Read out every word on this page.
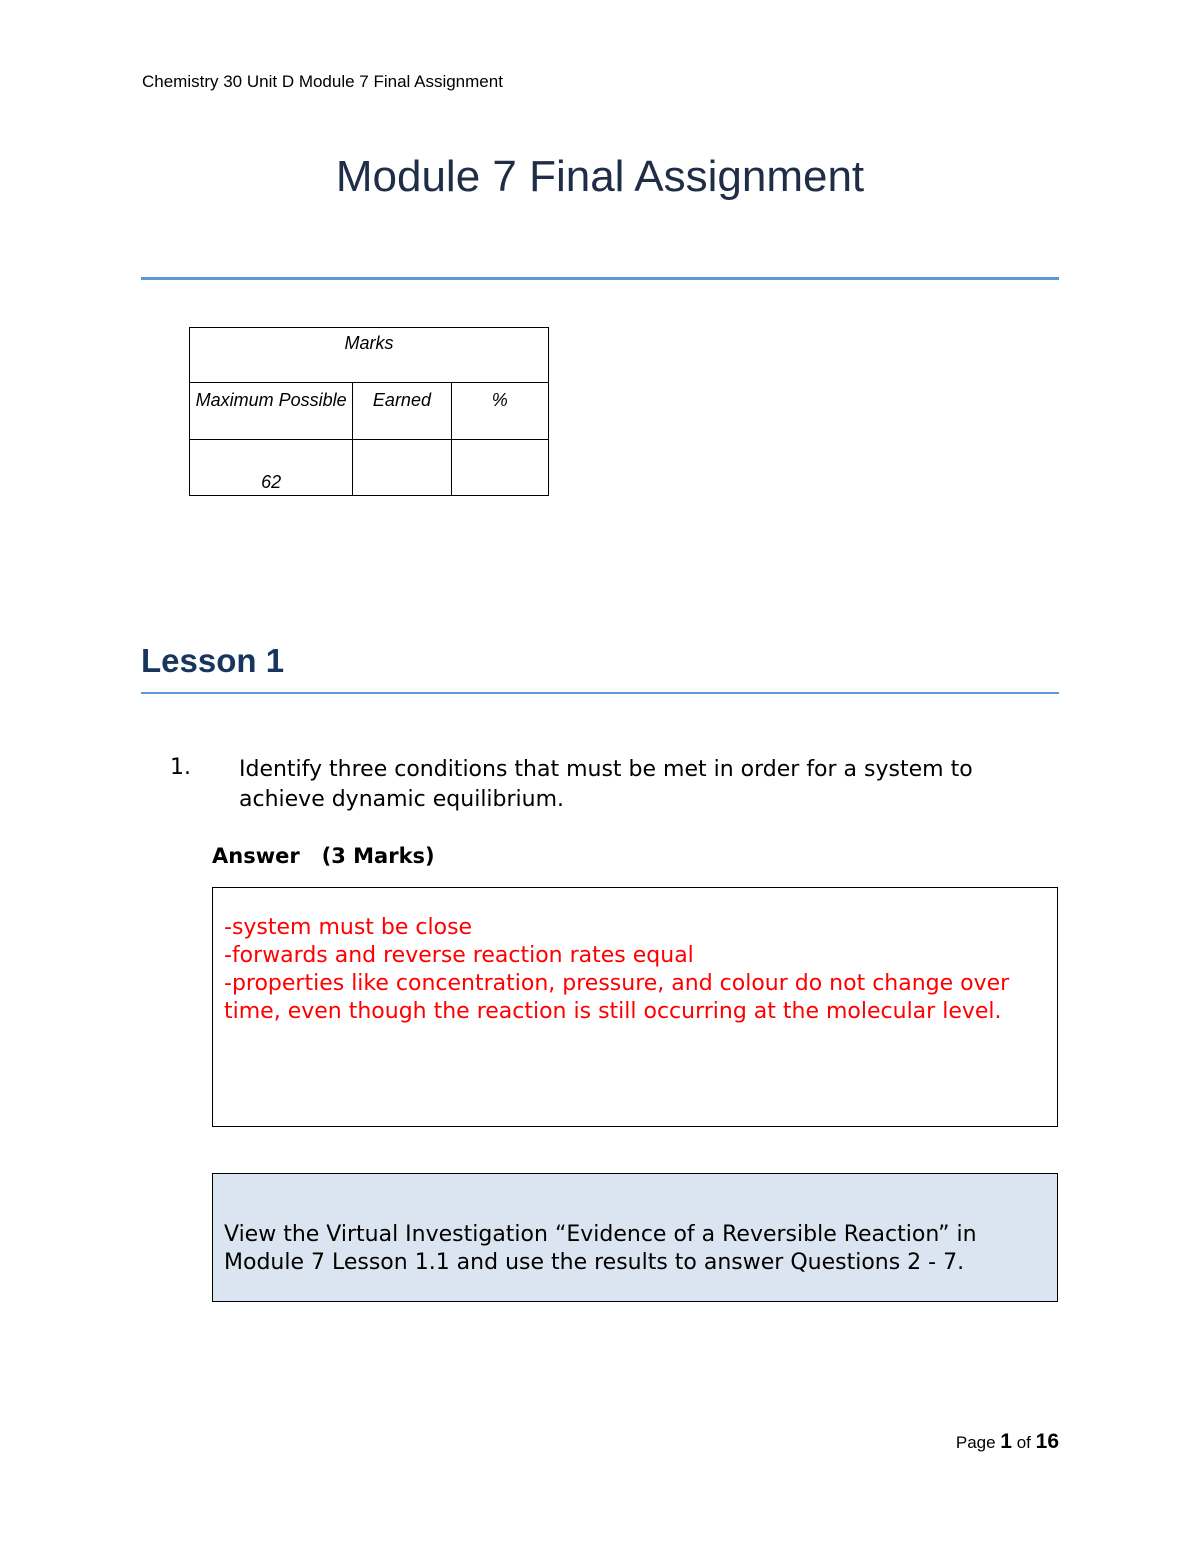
Chemistry 30 Unit D Module 7 Final Assignment
Module 7 Final Assignment
Marks		
Maximum Possible	Earned	%
62		
Lesson 1
1. Identify three conditions that must be met in order for a system to achieve dynamic equilibrium.
Answer   (3 Marks)
-system must be close
-forwards and reverse reaction rates equal
-properties like concentration, pressure, and colour do not change over time, even though the reaction is still occurring at the molecular level.
View the Virtual Investigation “Evidence of a Reversible Reaction” in Module 7 Lesson 1.1 and use the results to answer Questions 2 - 7.
Page 1 of 16
